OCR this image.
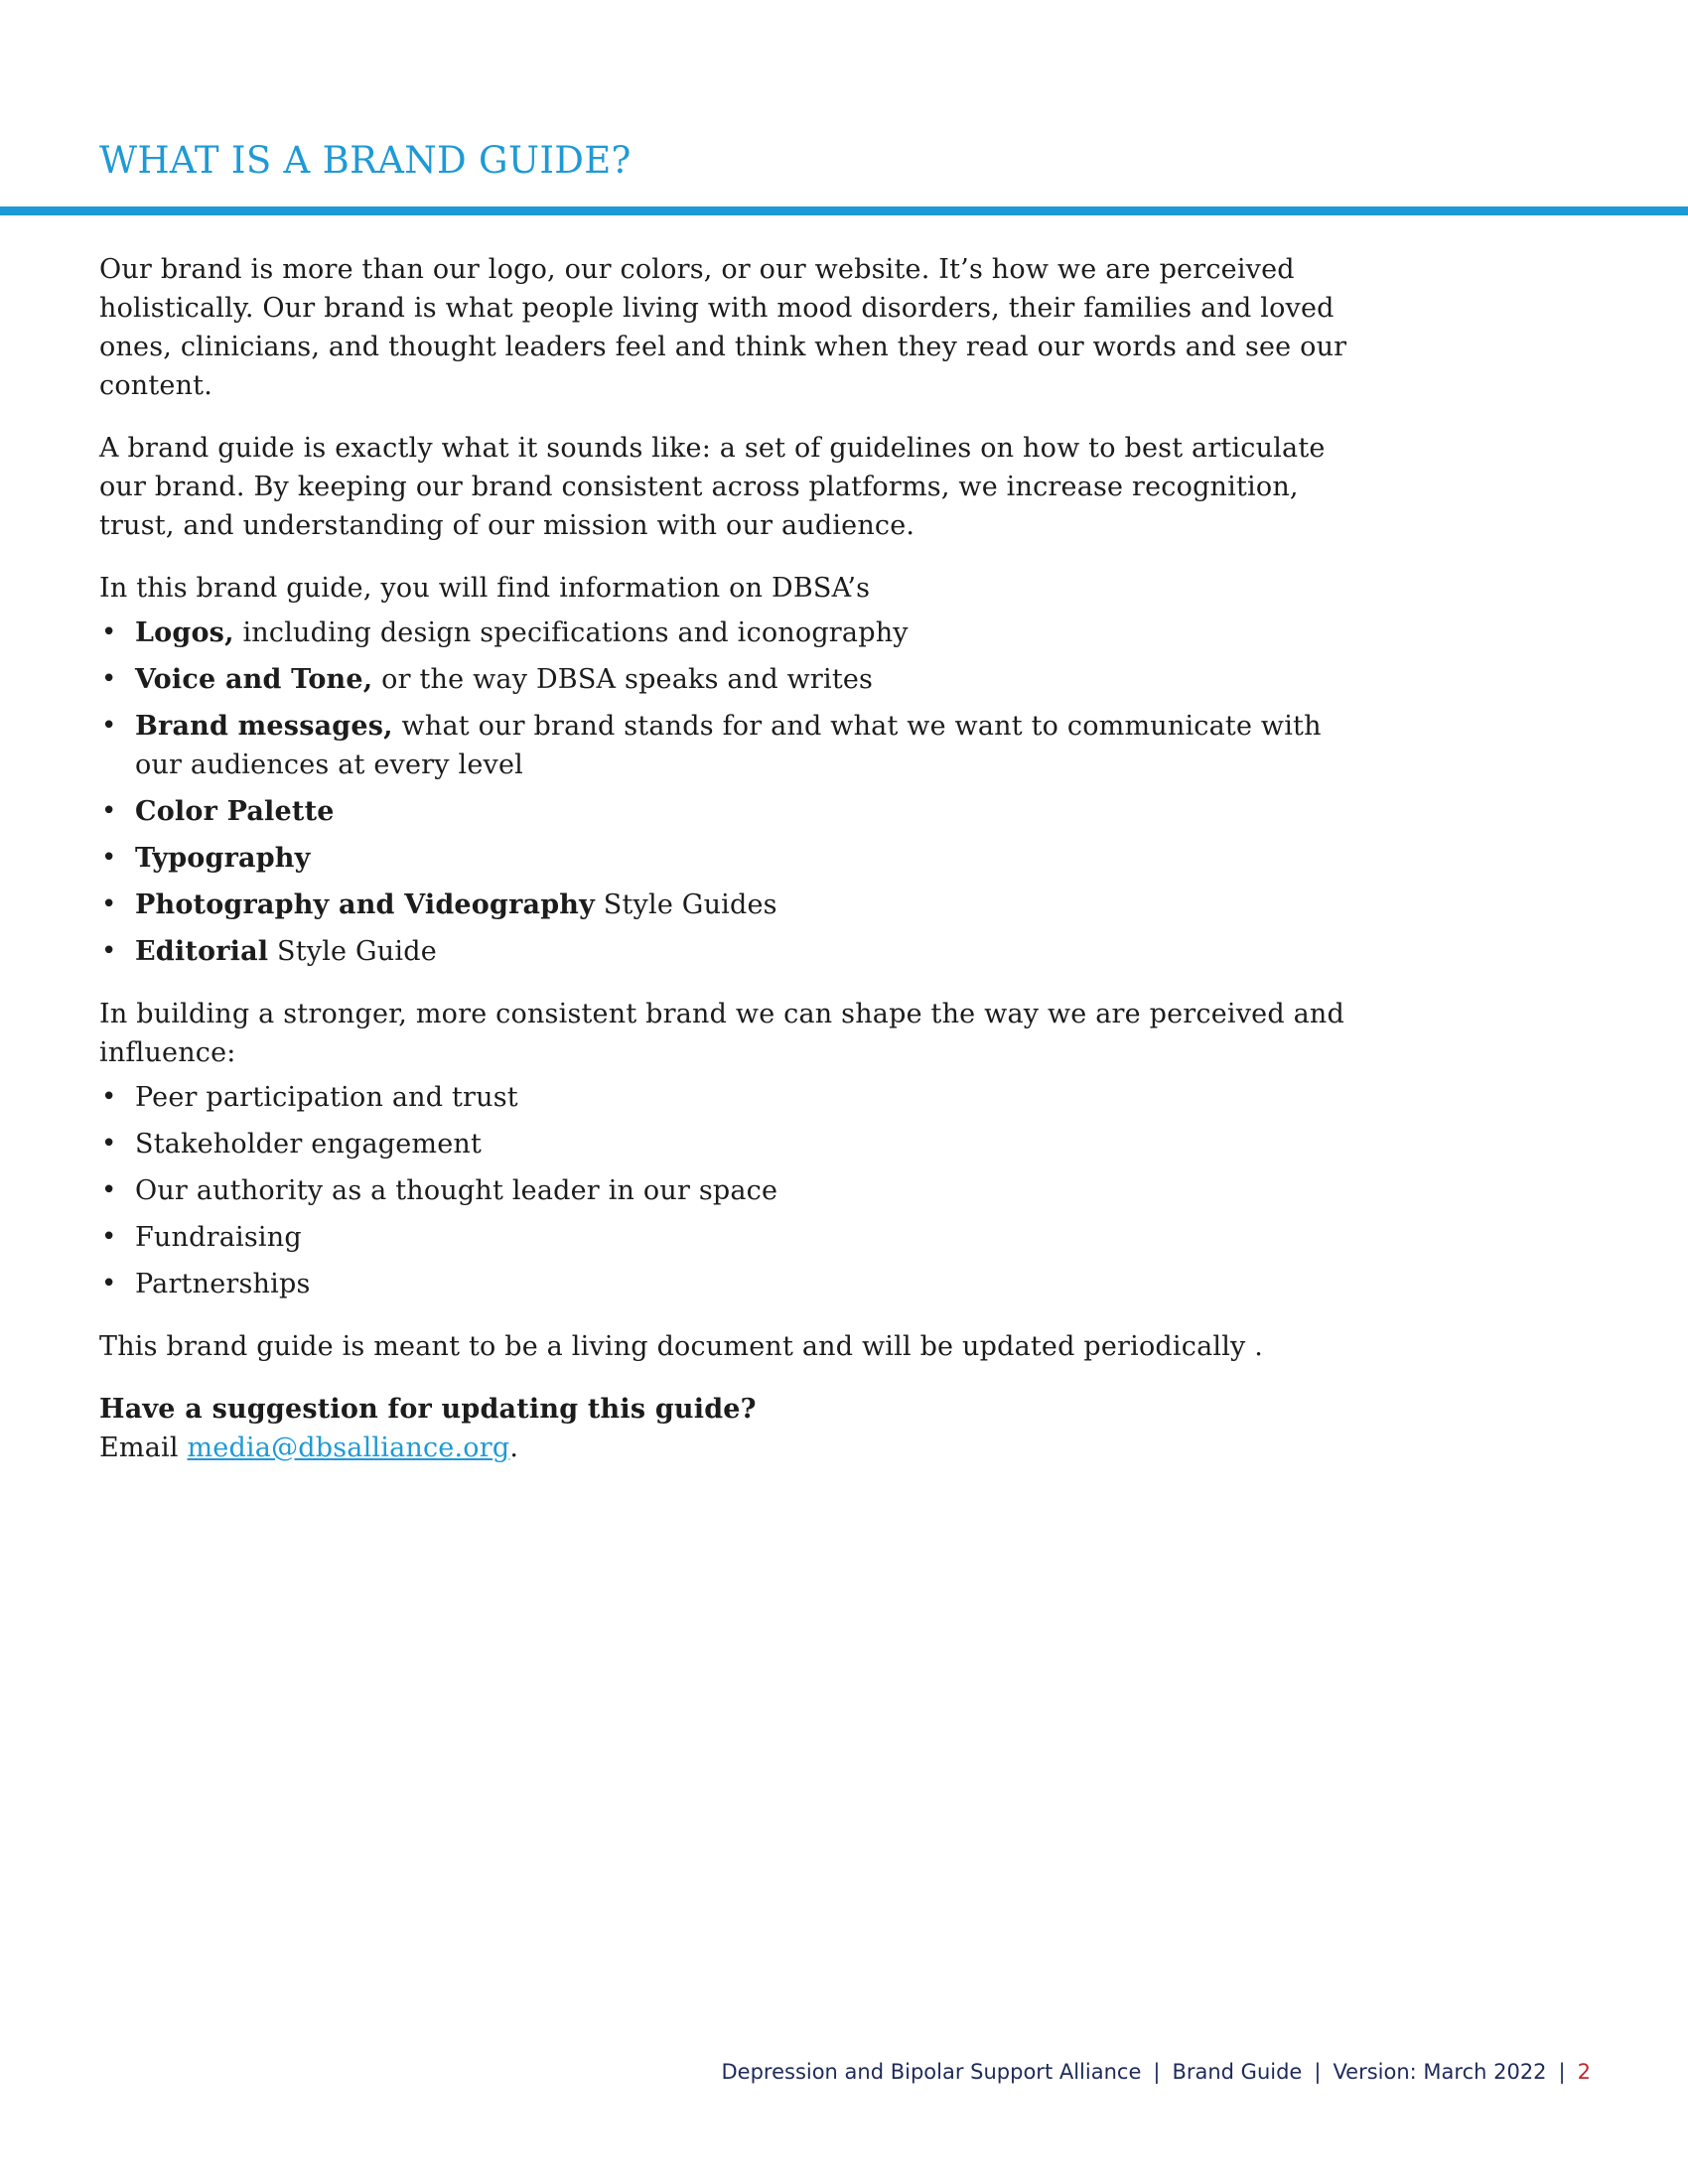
WHAT IS A BRAND GUIDE?

Our brand is more than our logo, our colors, or our website. It’s how we are perceived holistically. Our brand is what people living with mood disorders, their families and loved ones, clinicians, and thought leaders feel and think when they read our words and see our content.

A brand guide is exactly what it sounds like: a set of guidelines on how to best articulate our brand. By keeping our brand consistent across platforms, we increase recognition, trust, and understanding of our mission with our audience.

In this brand guide, you will find information on DBSA’s

• Logos, including design specifications and iconography
• Voice and Tone, or the way DBSA speaks and writes
• Brand messages, what our brand stands for and what we want to communicate with our audiences at every level
• Color Palette
• Typography
• Photography and Videography Style Guides
• Editorial Style Guide

In building a stronger, more consistent brand we can shape the way we are perceived and influence:

• Peer participation and trust
• Stakeholder engagement
• Our authority as a thought leader in our space
• Fundraising
• Partnerships

This brand guide is meant to be a living document and will be updated periodically .

Have a suggestion for updating this guide?

Email media@dbsalliance.org.

Depression and Bipolar Support Alliance | Brand Guide | Version: March 2022 | 2
